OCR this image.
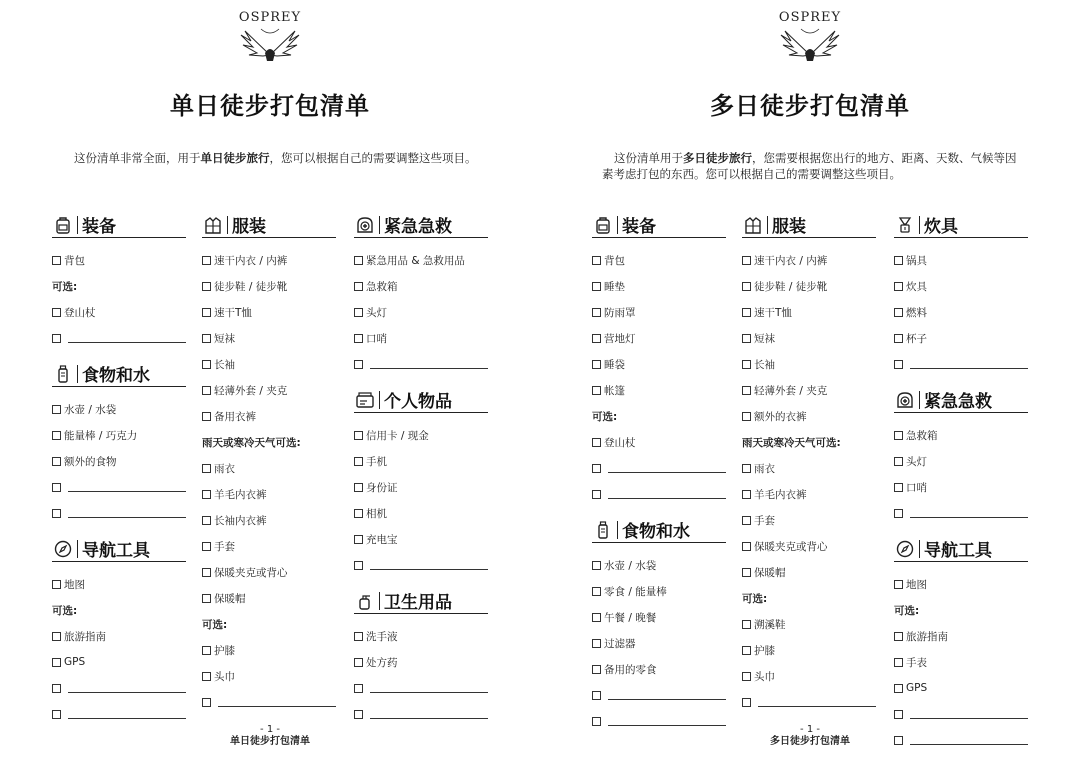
OSPREY
单日徒步打包清单
这份清单非常全面，用于单日徒步旅行，您可以根据自己的需要调整这些项目。
装备
背包
可选:
登山杖
食物和水
水壶 / 水袋
能量棒 / 巧克力
额外的食物
导航工具
地图
可选:
旅游指南
GPS
服装
速干内衣 / 内裤
徒步鞋 / 徒步靴
速干T恤
短袜
长袖
轻薄外套 / 夹克
备用衣裤
雨天或寒冷天气可选:
雨衣
羊毛内衣裤
长袖内衣裤
手套
保暖夹克或背心
保暖帽
可选:
护膝
头巾
紧急急救
紧急用品 & 急救用品
急救箱
头灯
口哨
个人物品
信用卡 / 现金
手机
身份证
相机
充电宝
卫生用品
洗手液
处方药
- 1 -
单日徒步打包清单
OSPREY
多日徒步打包清单
这份清单用于多日徒步旅行，您需要根据您出行的地方、距离、天数、气候等因素考虑打包的东西。您可以根据自己的需要调整这些项目。
装备
背包
睡垫
防雨罩
营地灯
睡袋
帐篷
可选:
登山杖
食物和水
水壶 / 水袋
零食 / 能量棒
午餐 / 晚餐
过滤器
备用的零食
服装
速干内衣 / 内裤
徒步鞋 / 徒步靴
速干T恤
短袜
长袖
轻薄外套 / 夹克
额外的衣裤
雨天或寒冷天气可选:
雨衣
羊毛内衣裤
手套
保暖夹克或背心
保暖帽
可选:
溯溪鞋
护膝
头巾
炊具
锅具
炊具
燃料
杯子
紧急急救
急救箱
头灯
口哨
导航工具
地图
可选:
旅游指南
手表
GPS
- 1 -
多日徒步打包清单
